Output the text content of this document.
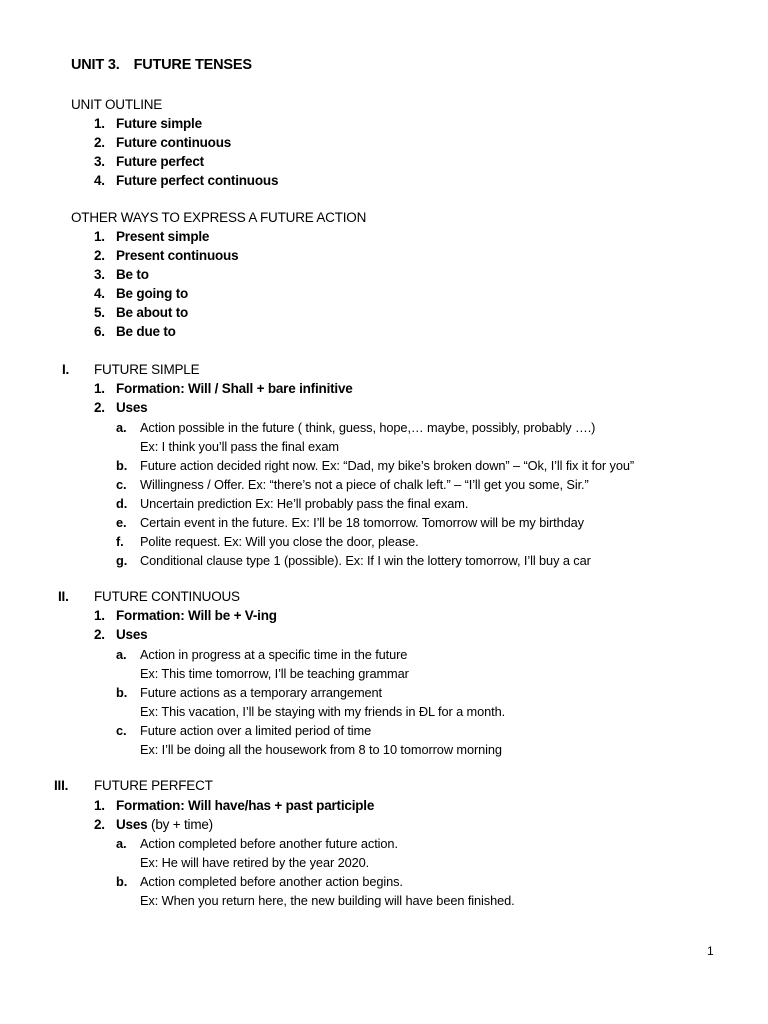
UNIT 3. FUTURE TENSES
UNIT OUTLINE
1. Future simple
2. Future continuous
3. Future perfect
4. Future perfect continuous
OTHER WAYS TO EXPRESS A FUTURE ACTION
1. Present simple
2. Present continuous
3. Be to
4. Be going to
5. Be about to
6. Be due to
I. FUTURE SIMPLE
1. Formation: Will / Shall + bare infinitive
2. Uses
a. Action possible in the future ( think, guess, hope,… maybe, possibly, probably ….)
Ex: I think you’ll pass the final exam
b. Future action decided right now. Ex: “Dad, my bike’s broken down” – “Ok, I’ll fix it for you”
c. Willingness / Offer. Ex: “there’s not a piece of chalk left.” – “I’ll get you some, Sir.”
d. Uncertain prediction Ex: He’ll probably pass the final exam.
e. Certain event in the future. Ex: I’ll be 18 tomorrow. Tomorrow will be my birthday
f. Polite request. Ex: Will you close the door, please.
g. Conditional clause type 1 (possible). Ex: If I win the lottery tomorrow, I’ll buy a car
II. FUTURE CONTINUOUS
1. Formation: Will be + V-ing
2. Uses
a. Action in progress at a specific time in the future
Ex: This time tomorrow, I’ll be teaching grammar
b. Future actions as a temporary arrangement
Ex: This vacation, I’ll be staying with my friends in ĐL for a month.
c. Future action over a limited period of time
Ex: I’ll be doing all the housework from 8 to 10 tomorrow morning
III. FUTURE PERFECT
1. Formation: Will have/has + past participle
2. Uses (by + time)
a. Action completed before another future action.
Ex: He will have retired by the year 2020.
b. Action completed before another action begins.
Ex: When you return here, the new building will have been finished.
1
